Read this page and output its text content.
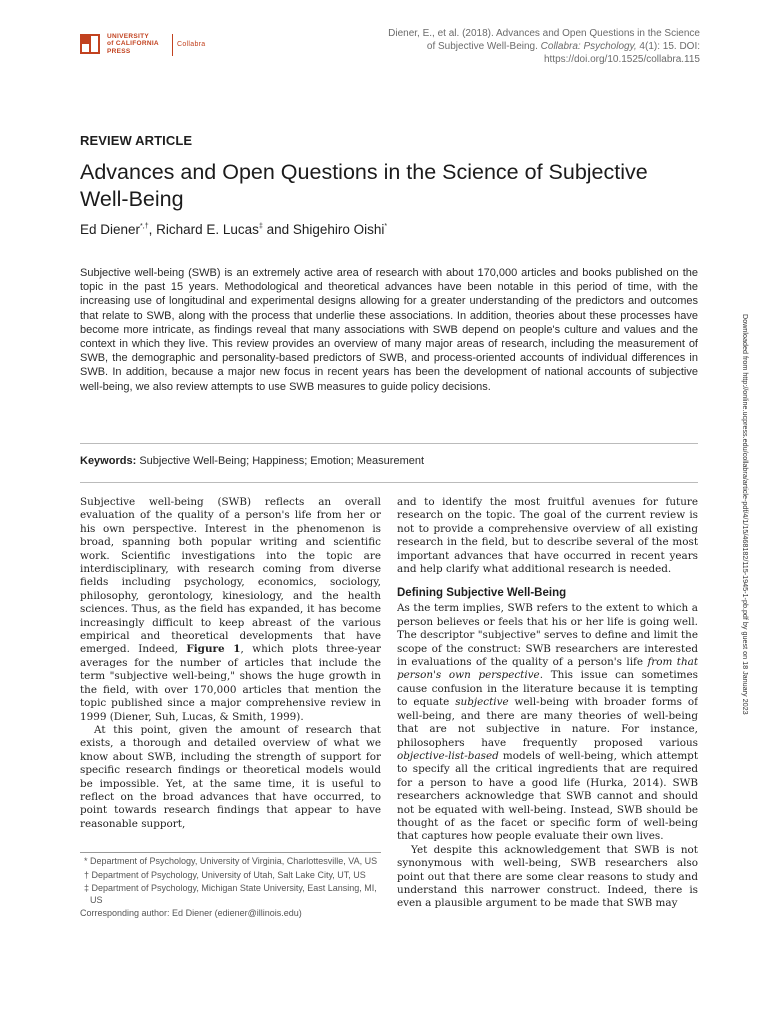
UNIVERSITY
of CALIFORNIA
PRESS
Collabra
Diener, E., et al. (2018). Advances and Open Questions in the Science of Subjective Well-Being. Collabra: Psychology, 4(1): 15. DOI: https://doi.org/10.1525/collabra.115
REVIEW ARTICLE
Advances and Open Questions in the Science of Subjective Well-Being
Ed Diener*,†, Richard E. Lucas‡ and Shigehiro Oishi*
Subjective well-being (SWB) is an extremely active area of research with about 170,000 articles and books published on the topic in the past 15 years. Methodological and theoretical advances have been notable in this period of time, with the increasing use of longitudinal and experimental designs allowing for a greater understanding of the predictors and outcomes that relate to SWB, along with the process that underlie these associations. In addition, theories about these processes have become more intricate, as findings reveal that many associations with SWB depend on people's culture and values and the context in which they live. This review provides an overview of many major areas of research, including the measurement of SWB, the demographic and personality-based predictors of SWB, and process-oriented accounts of individual differences in SWB. In addition, because a major new focus in recent years has been the development of national accounts of subjective well-being, we also review attempts to use SWB measures to guide policy decisions.
Keywords: Subjective Well-Being; Happiness; Emotion; Measurement

Subjective well-being (SWB) reflects an overall evaluation of the quality of a person's life from her or his own perspective. Interest in the phenomenon is broad, spanning both popular writing and scientific work. Scientific investigations into the topic are interdisciplinary, with research coming from diverse fields including psychology, economics, sociology, philosophy, gerontology, kinesiology, and the health sciences. Thus, as the field has expanded, it has become increasingly difficult to keep abreast of the various empirical and theoretical developments that have emerged. Indeed, Figure 1, which plots three-year averages for the number of articles that include the term "subjective well-being," shows the huge growth in the field, with over 170,000 articles that mention the topic published since a major comprehensive review in 1999 (Diener, Suh, Lucas, & Smith, 1999).

At this point, given the amount of research that exists, a thorough and detailed overview of what we know about SWB, including the strength of support for specific research findings or theoretical models would be impossible. Yet, at the same time, it is useful to reflect on the broad advances that have occurred, to point towards research findings that appear to have reasonable support,

and to identify the most fruitful avenues for future research on the topic. The goal of the current review is not to provide a comprehensive overview of all existing research in the field, but to describe several of the most important advances that have occurred in recent years and help clarify what additional research is needed.

Defining Subjective Well-Being

As the term implies, SWB refers to the extent to which a person believes or feels that his or her life is going well. The descriptor "subjective" serves to define and limit the scope of the construct: SWB researchers are interested in evaluations of the quality of a person's life from that person's own perspective. This issue can sometimes cause confusion in the literature because it is tempting to equate subjective well-being with broader forms of well-being, and there are many theories of well-being that are not subjective in nature. For instance, philosophers have frequently proposed various objective-list-based models of well-being, which attempt to specify all the critical ingredients that are required for a person to have a good life (Hurka, 2014). SWB researchers acknowledge that SWB cannot and should not be equated with well-being. Instead, SWB should be thought of as the facet or specific form of well-being that captures how people evaluate their own lives.

Yet despite this acknowledgement that SWB is not synonymous with well-being, SWB researchers also point out that there are some clear reasons to study and understand this narrower construct. Indeed, there is even a plausible argument to be made that SWB may

* Department of Psychology, University of Virginia, Charlottesville, VA, US
† Department of Psychology, University of Utah, Salt Lake City, UT, US
‡ Department of Psychology, Michigan State University, East Lansing, MI, US
Corresponding author: Ed Diener (ediener@illinois.edu)
Downloaded from http://online.ucpress.edu/collabra/article-pdf/4/1/15/468182/115-1945-1-pb.pdf by guest on 18 January 2023
